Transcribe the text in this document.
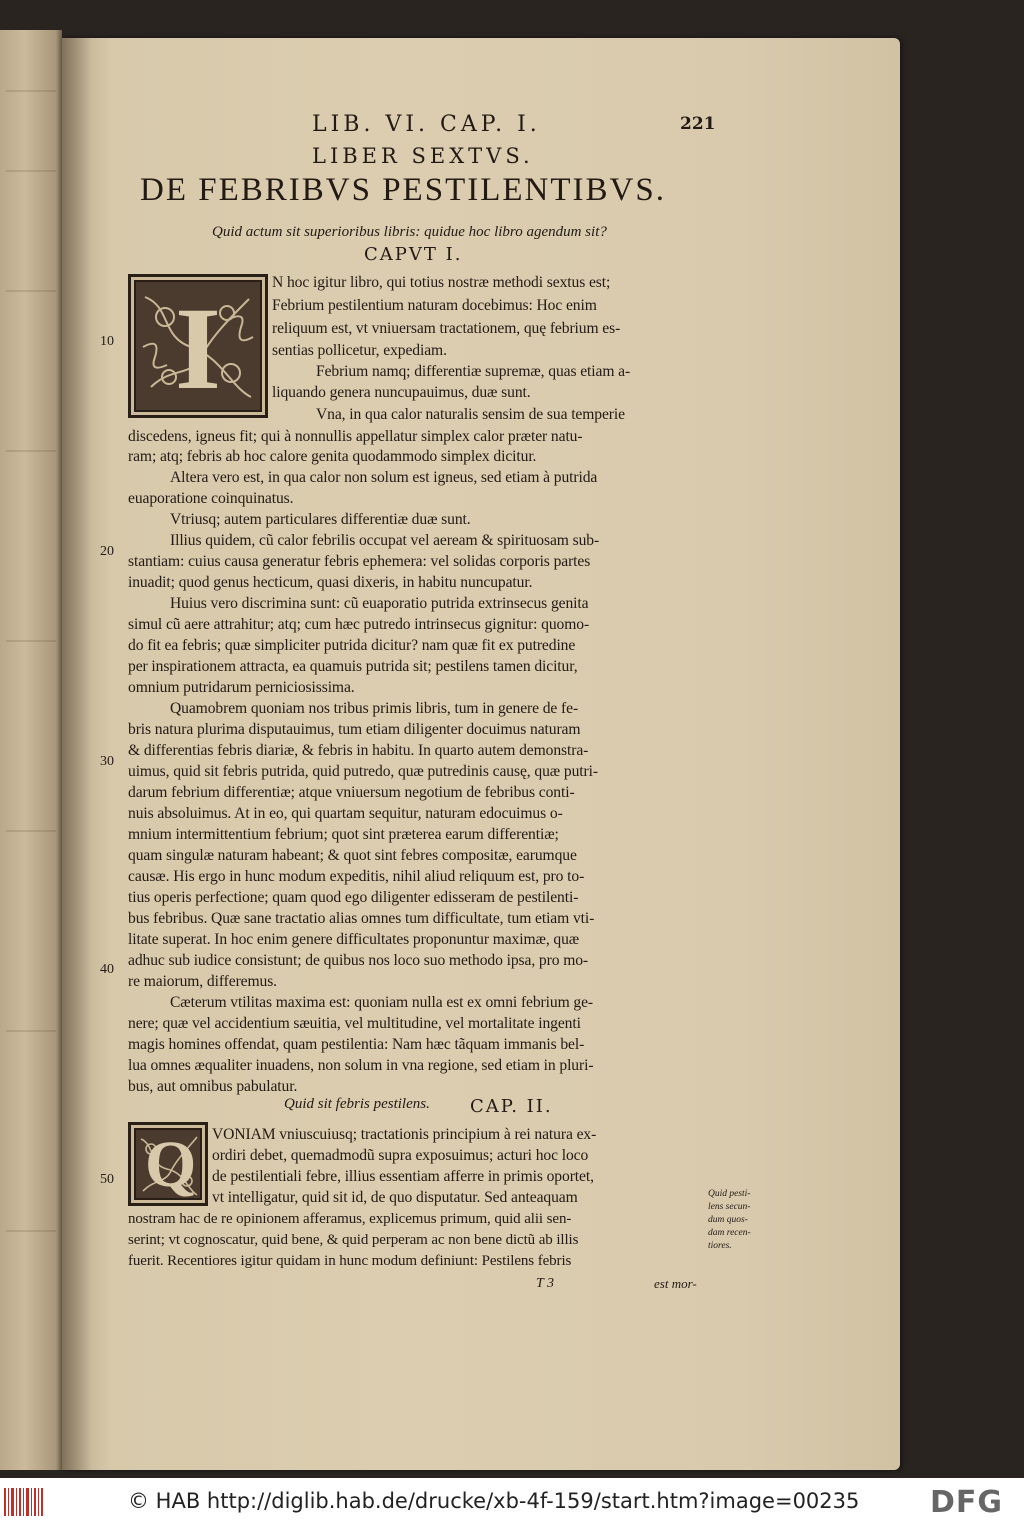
LIB. VI. CAP. I.	221
LIBER SEXTVS.
DE FEBRIBVS PESTILENTIBVS.
Quid actum sit superioribus libris: quidue hoc libro agendum sit?
CAPVT I.
I
Q
N hoc igitur libro, qui totius nostræ methodi sextus est;
Febrium pestilentium naturam docebimus: Hoc enim
reliquum est, vt vniuersam tractationem, quę febrium es-
sentias pollicetur, expediam.
Febrium namq; differentiæ supremæ, quas etiam a-
liquando genera nuncupauimus, duæ sunt.
Vna, in qua calor naturalis sensim de sua temperie
discedens, igneus fit; qui à nonnullis appellatur simplex calor præter natu-
ram; atq; febris ab hoc calore genita quodammodo simplex dicitur.
Altera vero est, in qua calor non solum est igneus, sed etiam à putrida
euaporatione coinquinatus.
Vtriusq; autem particulares differentiæ duæ sunt.
Illius quidem, cũ calor febrilis occupat vel aeream & spirituosam sub-
stantiam: cuius causa generatur febris ephemera: vel solidas corporis partes
inuadit; quod genus hecticum, quasi dixeris, in habitu nuncupatur.
Huius vero discrimina sunt: cũ euaporatio putrida extrinsecus genita
simul cũ aere attrahitur; atq; cum hæc putredo intrinsecus gignitur: quomo-
do fit ea febris; quæ simpliciter putrida dicitur? nam quæ fit ex putredine
per inspirationem attracta, ea quamuis putrida sit; pestilens tamen dicitur,
omnium putridarum perniciosissima.
Quamobrem quoniam nos tribus primis libris, tum in genere de fe-
bris natura plurima disputauimus, tum etiam diligenter docuimus naturam
& differentias febris diariæ, & febris in habitu. In quarto autem demonstra-
uimus, quid sit febris putrida, quid putredo, quæ putredinis causę, quæ putri-
darum febrium differentiæ; atque vniuersum negotium de febribus conti-
nuis absoluimus. At in eo, qui quartam sequitur, naturam edocuimus o-
mnium intermittentium febrium; quot sint præterea earum differentiæ;
quam singulæ naturam habeant; & quot sint febres compositæ, earumque
causæ. His ergo in hunc modum expeditis, nihil aliud reliquum est, pro to-
tius operis perfectione; quam quod ego diligenter edisseram de pestilenti-
bus febribus. Quæ sane tractatio alias omnes tum difficultate, tum etiam vti-
litate superat. In hoc enim genere difficultates proponuntur maximæ, quæ
adhuc sub iudice consistunt; de quibus nos loco suo methodo ipsa, pro mo-
re maiorum, differemus.
Cæterum vtilitas maxima est: quoniam nulla est ex omni febrium ge-
nere; quæ vel accidentium sæuitia, vel multitudine, vel mortalitate ingenti
magis homines offendat, quam pestilentia: Nam hæc tãquam immanis bel-
lua omnes æqualiter inuadens, non solum in vna regione, sed etiam in pluri-
bus, aut omnibus pabulatur.
Quid sit febris pestilens. CAP. II.
VONIAM vniuscuiusq; tractationis principium à rei natura ex-
ordiri debet, quemadmodũ supra exposuimus; acturi hoc loco
de pestilentiali febre, illius essentiam afferre in primis oportet,
vt intelligatur, quid sit id, de quo disputatur. Sed anteaquam
nostram hac de re opinionem afferamus, explicemus primum, quid alii sen-
serint; vt cognoscatur, quid bene, & quid perperam ac non bene dictũ ab illis
fuerit. Recentiores igitur quidam in hunc modum definiunt: Pestilens febris
Quid pesti-
lens secun-
dum quos-
dam recen-
tiores.
10
20
30
40
50
T 3	est mor-
© HAB http://diglib.hab.de/drucke/xb-4f-159/start.htm?image=00235 DFG
